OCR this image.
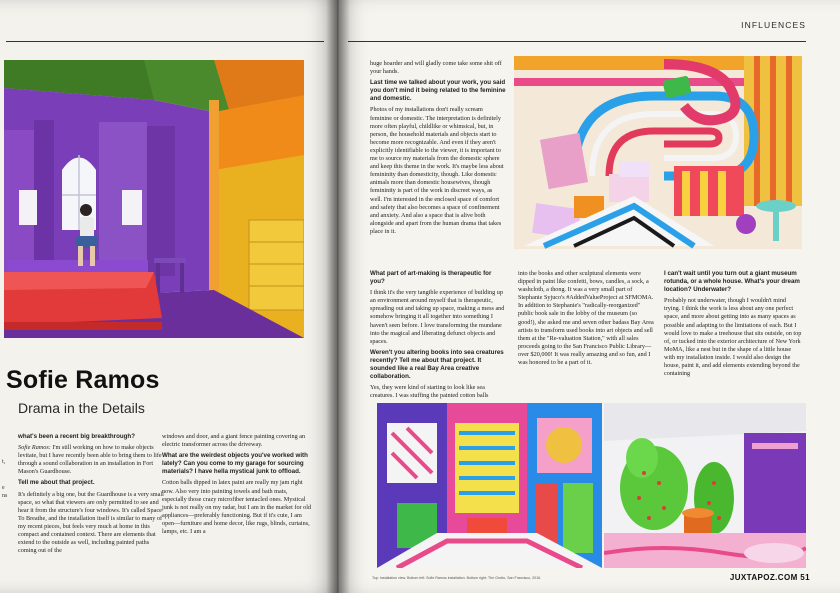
Sofie Ramos
Drama in the Details
t,
e
ns

what's been a recent big breakthrough?

Sofie Ramos: I'm still working on how to make objects levitate, but I have recently been able to bring them to life through a sound collaboration in an installation in Fort Mason's Guardhouse.

Tell me about that project.

It's definitely a big one, but the Guardhouse is a very small space, so what that viewers are only permitted to see and hear it from the structure's four windows. It's called Space To Breathe, and the installation itself is similar to many of my recent pieces, but feels very much at home in this compact and contained context. There are elements that extend to the outside as well, including painted paths coming out of the

windows and door, and a giant fence painting covering an electric transformer across the driveway.

What are the weirdest objects you've worked with lately? Can you come to my garage for sourcing materials? I have hella mystical junk to offload.

Cotton balls dipped in latex paint are really my jam right now. Also very into painting towels and bath mats, especially those crazy microfiber tentacled ones. Mystical junk is not really on my radar, but I am in the market for old appliances—preferably functioning. But if it's cute, I am open—furniture and home decor, like rugs, blinds, curtains, lamps, etc. I am a

INFLUENCES

huge hoarder and will gladly come take some shit off your hands.

Last time we talked about your work, you said you don't mind it being related to the feminine and domestic.

Photos of my installations don't really scream feminine or domestic. The interpretation is definitely more often playful, childlike or whimsical, but, in person, the household materials and objects start to become more recognizable. And even if they aren't explicitly identifiable to the viewer, it is important to me to source my materials from the domestic sphere and keep this theme in the work. It's maybe less about femininity than domesticity, though. Like domestic animals more than domestic housewives, though femininity is part of the work in discreet ways, as well. I'm interested in the enclosed space of comfort and safety that also becomes a space of confinement and anxiety. And also a space that is alive both alongside and apart from the human drama that takes place in it.

What part of art-making is therapeutic for you?

I think it's the very tangible experience of building up an environment around myself that is therapeutic, spreading out and taking up space, making a mess and somehow bringing it all together into something I haven't seen before. I love transforming the mundane into the magical and liberating defunct objects and spaces.

Weren't you altering books into sea creatures recently? Tell me about that project. It sounded like a real Bay Area creative collaboration.

Yes, they were kind of starting to look like sea creatures. I was stuffing the painted cotton balls

into the books and other sculptural elements were dipped in paint like confetti, bows, candles, a sock, a washcloth, a thong. It was a very small part of Stephanie Syjuco's #AddedValueProject at SFMOMA. In addition to Stephanie's "radically-reorganized" public book sale in the lobby of the museum (so good!), she asked me and seven other badass Bay Area artists to transform used books into art objects and sell them at the "Re-valuation Station," with all sales proceeds going to the San Francisco Public Library—over $20,000! It was really amazing and so fun, and I was honored to be a part of it.

I can't wait until you turn out a giant museum rotunda, or a whole house. What's your dream location? Underwater?

Probably not underwater, though I wouldn't mind trying. I think the work is less about any one perfect space, and more about getting into as many spaces as possible and adapting to the limitations of each. But I would love to make a treehouse that sits outside, on top of, or tucked into the exterior architecture of New York MoMA, like a nest but in the shape of a little house with my installation inside. I would also design the house, paint it, and add elements extending beyond the containing

Top: Installation view. Bottom left: Sofie Ramos installation. Bottom right: The Grotto, San Francisco, 2016.	JUXTAPOZ.COM 51
